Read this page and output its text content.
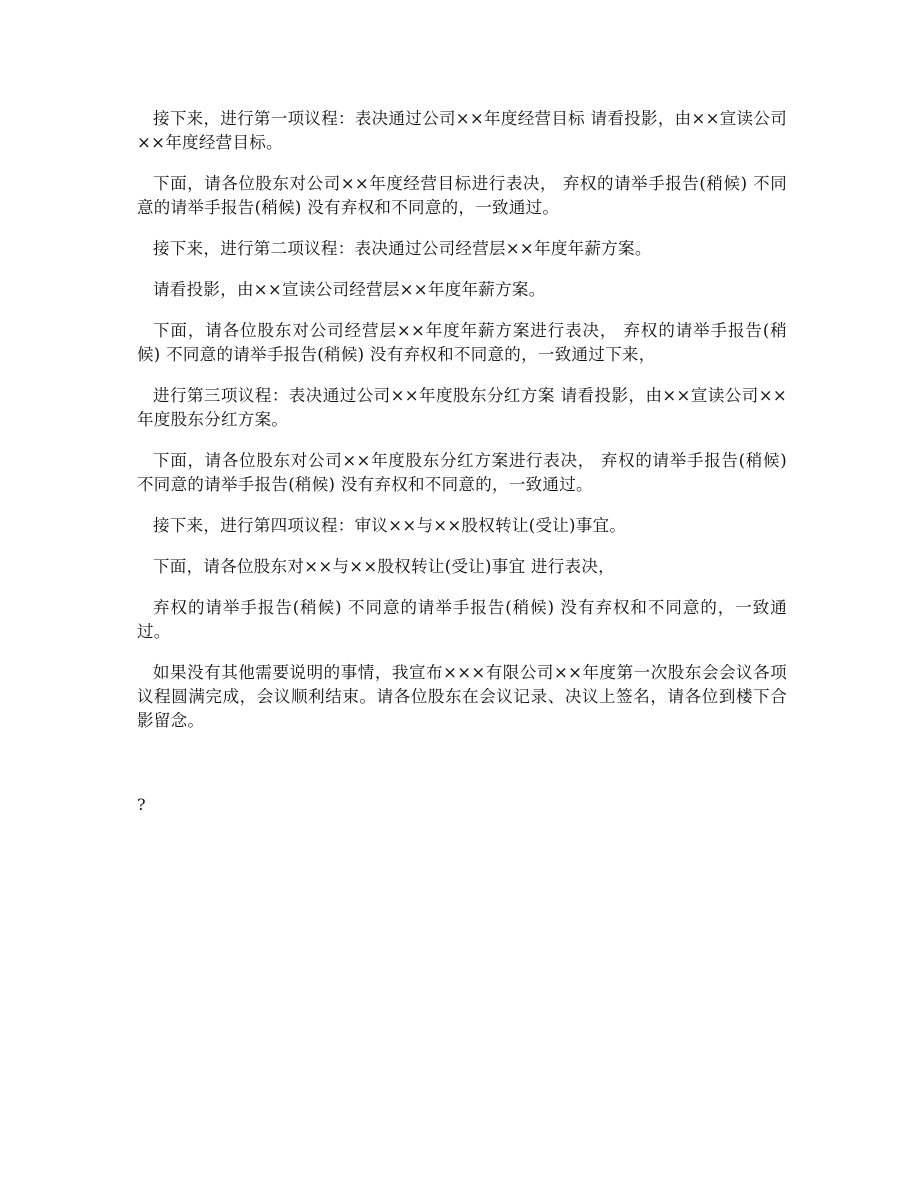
接下来，进行第一项议程：表决通过公司××年度经营目标 请看投影，由××宣读公司××年度经营目标。

下面，请各位股东对公司××年度经营目标进行表决， 弃权的请举手报告(稍候) 不同意的请举手报告(稍候) 没有弃权和不同意的，一致通过。

接下来，进行第二项议程：表决通过公司经营层××年度年薪方案。

请看投影，由××宣读公司经营层××年度年薪方案。

下面，请各位股东对公司经营层××年度年薪方案进行表决， 弃权的请举手报告(稍候) 不同意的请举手报告(稍候) 没有弃权和不同意的，一致通过下来，

进行第三项议程：表决通过公司××年度股东分红方案 请看投影，由××宣读公司××年度股东分红方案。

下面，请各位股东对公司××年度股东分红方案进行表决， 弃权的请举手报告(稍候) 不同意的请举手报告(稍候) 没有弃权和不同意的，一致通过。

接下来，进行第四项议程：审议××与××股权转让(受让)事宜。

下面，请各位股东对××与××股权转让(受让)事宜 进行表决，

弃权的请举手报告(稍候) 不同意的请举手报告(稍候) 没有弃权和不同意的，一致通过。

如果没有其他需要说明的事情，我宣布×××有限公司××年度第一次股东会会议各项议程圆满完成，会议顺利结束。请各位股东在会议记录、决议上签名，请各位到楼下合影留念。

?
